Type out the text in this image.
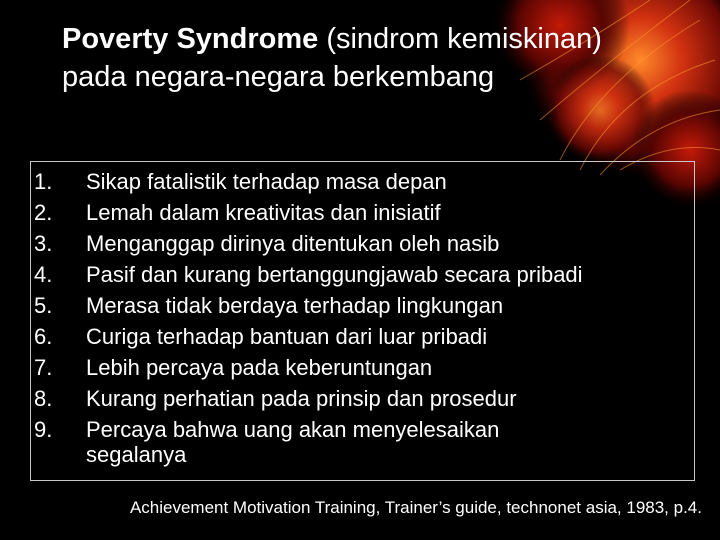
Poverty Syndrome (sindrom kemiskinan) pada negara-negara berkembang
1.	Sikap fatalistik terhadap masa depan
2.	Lemah dalam kreativitas dan inisiatif
3.	Menganggap dirinya ditentukan oleh nasib
4.	Pasif dan kurang bertanggungjawab secara pribadi
5.	Merasa tidak berdaya terhadap lingkungan
6.	Curiga terhadap bantuan dari luar pribadi
7.	Lebih percaya pada keberuntungan
8.	Kurang perhatian pada prinsip dan prosedur
9.	Percaya bahwa uang akan menyelesaikan segalanya
Achievement Motivation Training, Trainer’s guide, technonet asia, 1983, p.4.
